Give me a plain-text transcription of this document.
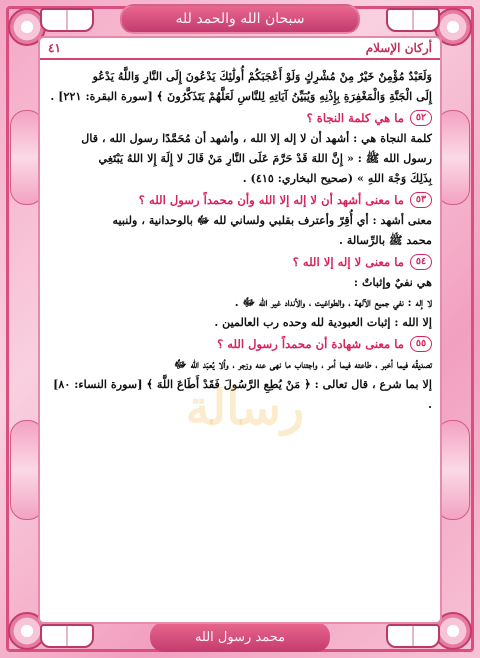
سبحان الله والحمد لله
محمد رسول الله
رسالة
أركان الإسلام
٤١
وَلَعَبْدٌ مُؤْمِنٌ خَيْرٌ مِنْ مُشْرِكٍ وَلَوْ أَعْجَبَكُمْ أُولَٰئِكَ يَدْعُونَ إِلَى النَّارِ وَاللَّهُ يَدْعُو
إِلَى الْجَنَّةِ وَالْمَغْفِرَةِ بِإِذْنِهِ وَيُبَيِّنُ آيَاتِهِ لِلنَّاسِ لَعَلَّهُمْ يَتَذَكَّرُونَ ﴾ [سورة البقرة: ٢٢١] .
٥٢
ما هي كلمة النجاة ؟
كلمة النجاة هي : أشهد أن لا إله إلا الله ، وأشهد أن مُحَمَّدًا رسول الله ، قال
رسول الله ﷺ : « إِنَّ اللهَ قَدْ حَرَّمَ عَلَى النَّارِ مَنْ قَالَ لا إِلَهَ إِلا اللهُ يَبْتَغِي
بِذَلِكَ وَجْهَ اللهِ » (صحيح البخاري: ٤١٥) .
٥٣
ما معنى أشهد أن لا إله إلا الله وأن محمداً رسول الله ؟
معنى أشهد : أي أُقِرّ وأعترف بقلبي ولساني لله ﷻ بالوحدانية ، ولنبيه
محمد ﷺ بالرِّسالة .
٥٤
ما معنى لا إله إلا الله ؟
هي نفيٌ وإثباتٌ :
لا إله : نفي جميع الآلهة ، والطواغيت ، والأنداد غير الله ﷻ .
إلا الله : إثبات العبودية لله وحده رب العالمين .
٥٥
ما معنى شهادة أن محمداً رسول الله ؟
تصديقُه فيما أخبر ، طاعته فيما أمر ، واجتناب ما نهى عنه وزجر ، وألا يُعبَد الله ﷻ
إلا بما شرع ، قال تعالى : ﴿ مَنْ يُطِعِ الرَّسُولَ فَقَدْ أَطَاعَ اللَّهَ ﴾ [سورة النساء: ٨٠] .
